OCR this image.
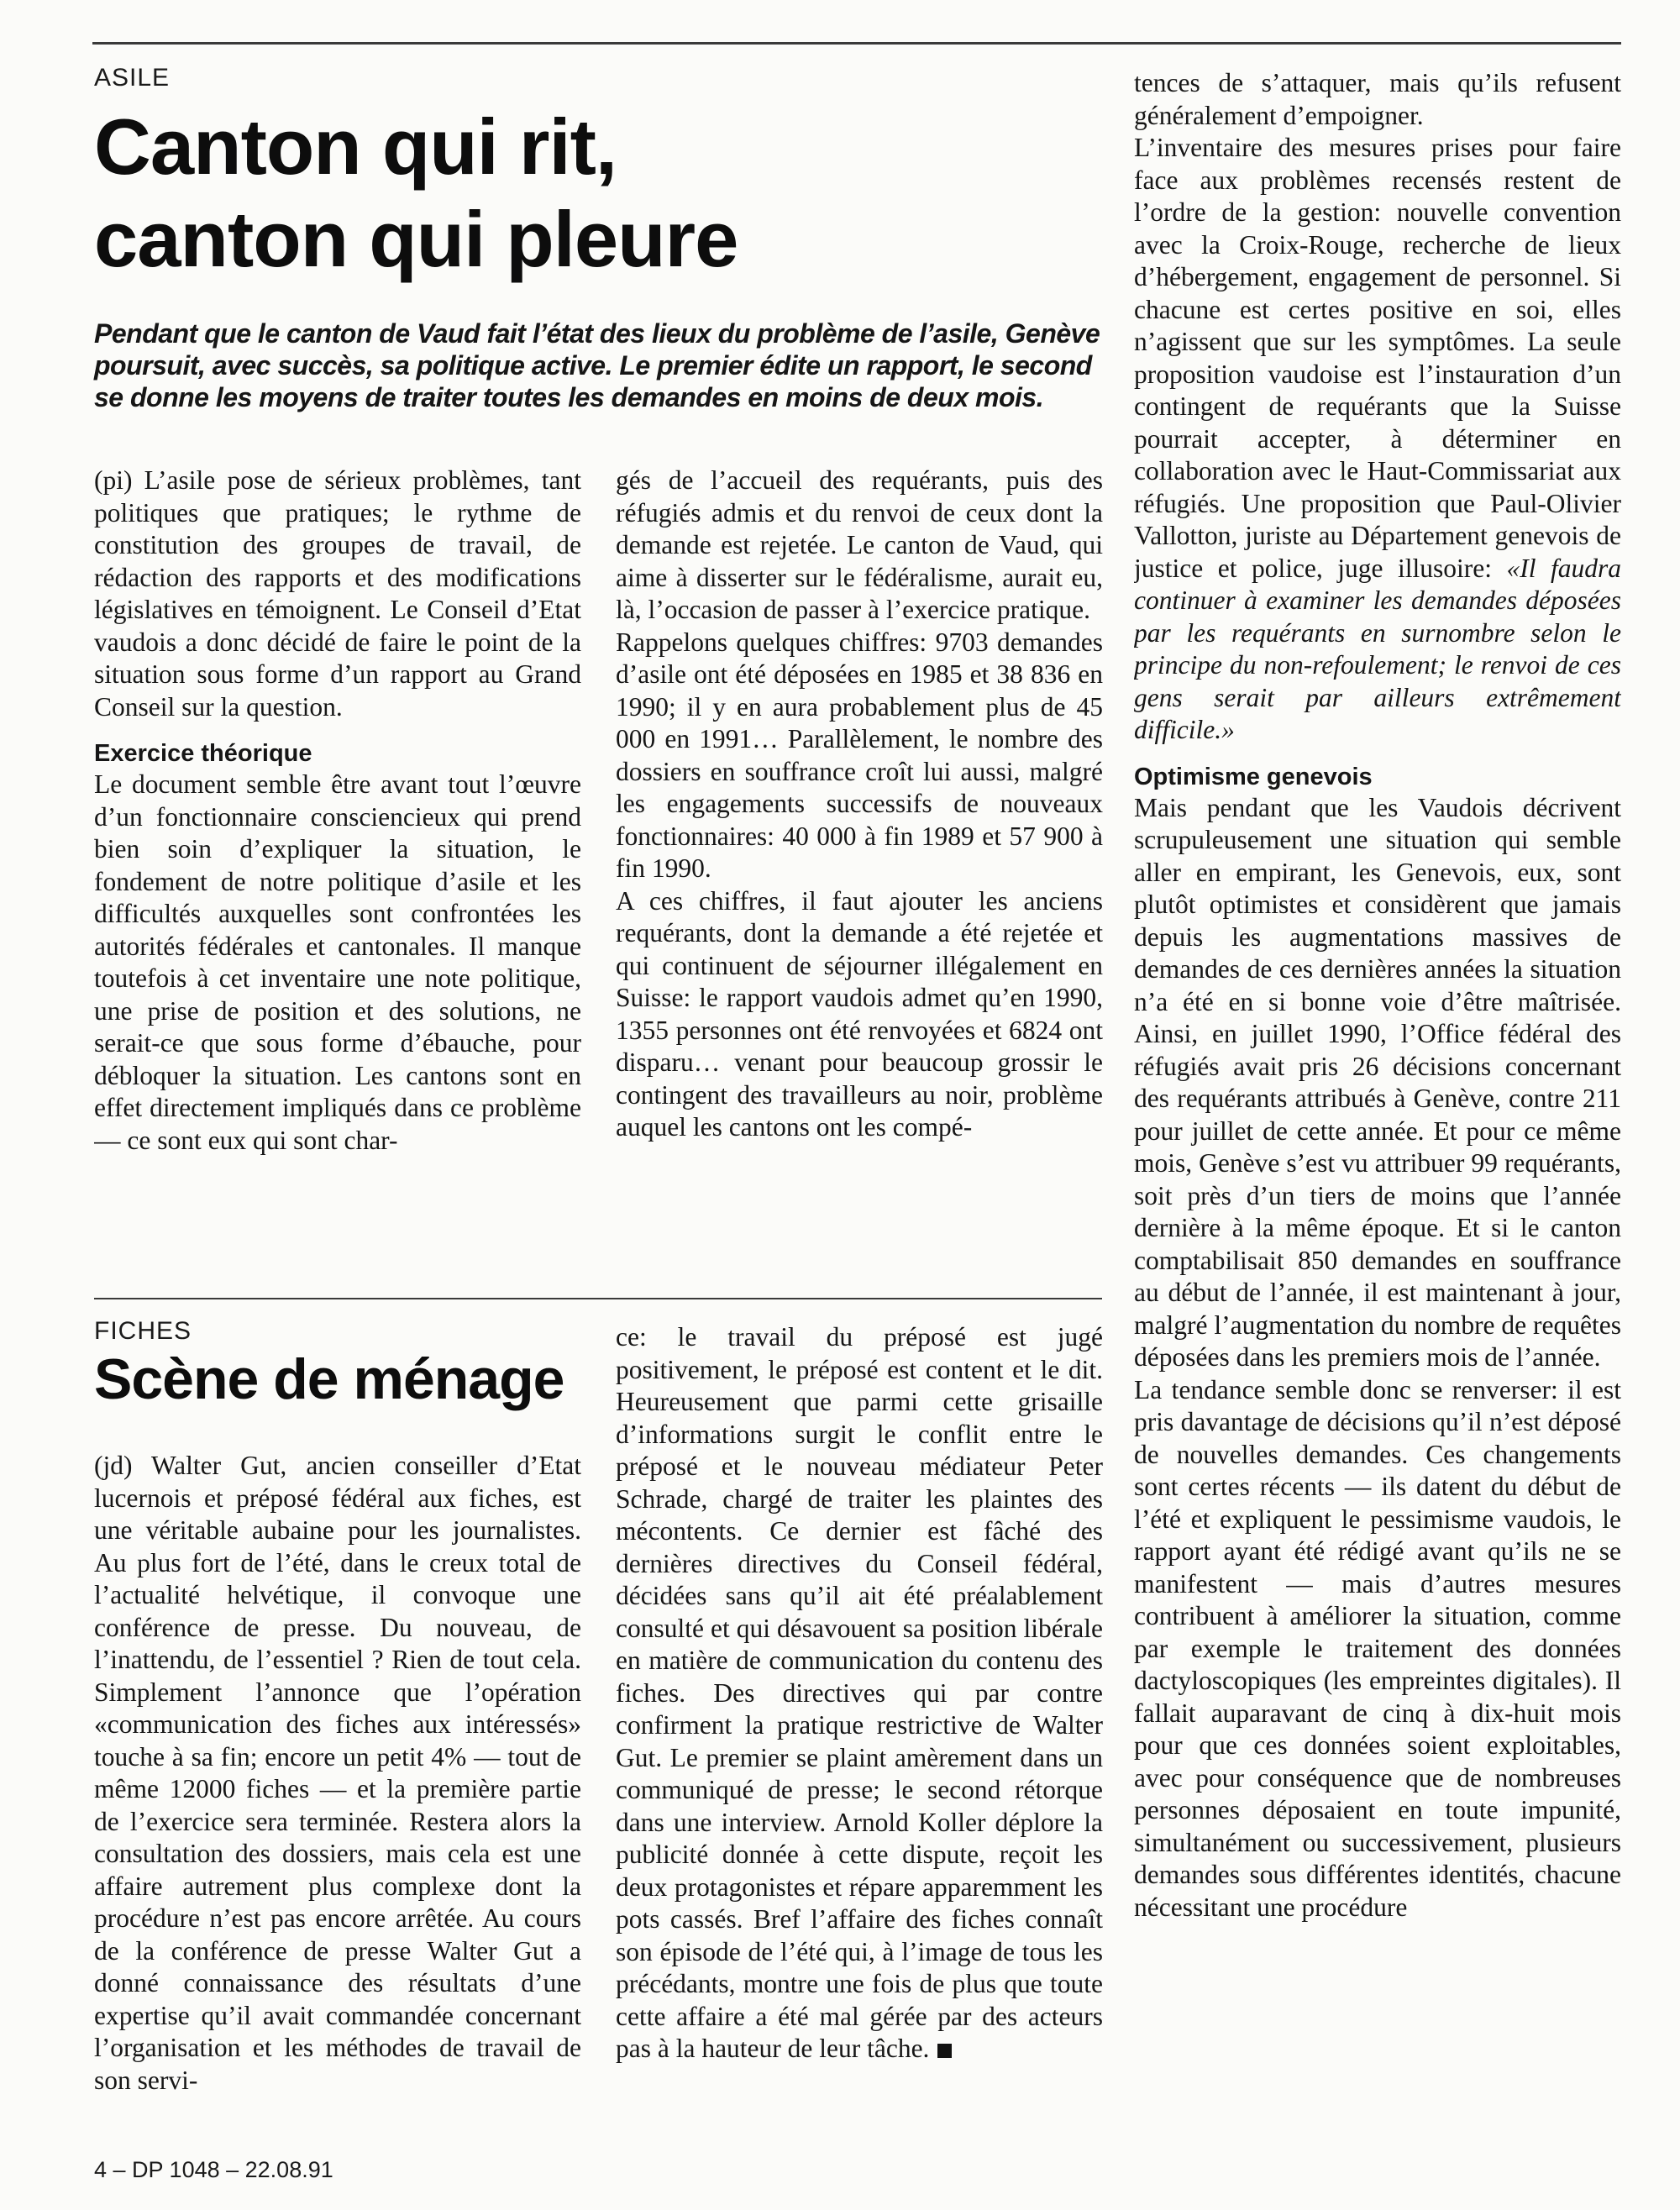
ASILE
Canton qui rit,
canton qui pleure

Pendant que le canton de Vaud fait l’état des lieux du problème de l’asile, Genève poursuit, avec succès, sa politique active. Le premier édite un rapport, le second se donne les moyens de traiter toutes les demandes en moins de deux mois.

(pi) L’asile pose de sérieux problèmes, tant politiques que pratiques; le rythme de constitution des groupes de travail, de rédaction des rapports et des modifications législatives en témoignent. Le Conseil d’Etat vaudois a donc décidé de faire le point de la situation sous forme d’un rapport au Grand Conseil sur la question.

Exercice théorique

Le document semble être avant tout l’œuvre d’un fonctionnaire consciencieux qui prend bien soin d’expliquer la situation, le fondement de notre politique d’asile et les difficultés auxquelles sont confrontées les autorités fédérales et cantonales. Il manque toutefois à cet inventaire une note politique, une prise de position et des solutions, ne serait-ce que sous forme d’ébauche, pour débloquer la situation. Les cantons sont en effet directement impliqués dans ce problème — ce sont eux qui sont char-

gés de l’accueil des requérants, puis des réfugiés admis et du renvoi de ceux dont la demande est rejetée. Le canton de Vaud, qui aime à disserter sur le fédéralisme, aurait eu, là, l’occasion de passer à l’exercice pratique.

Rappelons quelques chiffres: 9703 demandes d’asile ont été déposées en 1985 et 38 836 en 1990; il y en aura probablement plus de 45 000 en 1991… Parallèlement, le nombre des dossiers en souffrance croît lui aussi, malgré les engagements successifs de nouveaux fonctionnaires: 40 000 à fin 1989 et 57 900 à fin 1990.

A ces chiffres, il faut ajouter les anciens requérants, dont la demande a été rejetée et qui continuent de séjourner illégalement en Suisse: le rapport vaudois admet qu’en 1990, 1355 personnes ont été renvoyées et 6824 ont disparu… venant pour beaucoup grossir le contingent des travailleurs au noir, problème auquel les cantons ont les compé-

tences de s’attaquer, mais qu’ils refusent généralement d’empoigner.

L’inventaire des mesures prises pour faire face aux problèmes recensés restent de l’ordre de la gestion: nouvelle convention avec la Croix-Rouge, recherche de lieux d’hébergement, engagement de personnel. Si chacune est certes positive en soi, elles n’agissent que sur les symptômes. La seule proposition vaudoise est l’instauration d’un contingent de requérants que la Suisse pourrait accepter, à déterminer en collaboration avec le Haut-Commissariat aux réfugiés. Une proposition que Paul-Olivier Vallotton, juriste au Département genevois de justice et police, juge illusoire: «Il faudra continuer à examiner les demandes déposées par les requérants en surnombre selon le principe du non-refoulement; le renvoi de ces gens serait par ailleurs extrêmement difficile.»

Optimisme genevois

Mais pendant que les Vaudois décrivent scrupuleusement une situation qui semble aller en empirant, les Genevois, eux, sont plutôt optimistes et considèrent que jamais depuis les augmentations massives de demandes de ces dernières années la situation n’a été en si bonne voie d’être maîtrisée. Ainsi, en juillet 1990, l’Office fédéral des réfugiés avait pris 26 décisions concernant des requérants attribués à Genève, contre 211 pour juillet de cette année. Et pour ce même mois, Genève s’est vu attribuer 99 requérants, soit près d’un tiers de moins que l’année dernière à la même époque. Et si le canton comptabilisait 850 demandes en souffrance au début de l’année, il est maintenant à jour, malgré l’augmentation du nombre de requêtes déposées dans les premiers mois de l’année.

La tendance semble donc se renverser: il est pris davantage de décisions qu’il n’est déposé de nouvelles demandes. Ces changements sont certes récents — ils datent du début de l’été et expliquent le pessimisme vaudois, le rapport ayant été rédigé avant qu’ils ne se manifestent — mais d’autres mesures contribuent à améliorer la situation, comme par exemple le traitement des données dactyloscopiques (les empreintes digitales). Il fallait auparavant de cinq à dix-huit mois pour que ces données soient exploitables, avec pour conséquence que de nombreuses personnes déposaient en toute impunité, simultanément ou successivement, plusieurs demandes sous différentes identités, chacune nécessitant une procédure

FICHES
Scène de ménage

(jd) Walter Gut, ancien conseiller d’Etat lucernois et préposé fédéral aux fiches, est une véritable aubaine pour les journalistes. Au plus fort de l’été, dans le creux total de l’actualité helvétique, il convoque une conférence de presse. Du nouveau, de l’inattendu, de l’essentiel ? Rien de tout cela. Simplement l’annonce que l’opération «communication des fiches aux intéressés» touche à sa fin; encore un petit 4% — tout de même 12000 fiches — et la première partie de l’exercice sera terminée. Restera alors la consultation des dossiers, mais cela est une affaire autrement plus complexe dont la procédure n’est pas encore arrêtée. Au cours de la conférence de presse Walter Gut a donné connaissance des résultats d’une expertise qu’il avait commandée concernant l’organisation et les méthodes de travail de son servi-

ce: le travail du préposé est jugé positivement, le préposé est content et le dit. Heureusement que parmi cette grisaille d’informations surgit le conflit entre le préposé et le nouveau médiateur Peter Schrade, chargé de traiter les plaintes des mécontents. Ce dernier est fâché des dernières directives du Conseil fédéral, décidées sans qu’il ait été préalablement consulté et qui désavouent sa position libérale en matière de communication du contenu des fiches. Des directives qui par contre confirment la pratique restrictive de Walter Gut. Le premier se plaint amèrement dans un communiqué de presse; le second rétorque dans une interview. Arnold Koller déplore la publicité donnée à cette dispute, reçoit les deux protagonistes et répare apparemment les pots cassés. Bref l’affaire des fiches connaît son épisode de l’été qui, à l’image de tous les précédants, montre une fois de plus que toute cette affaire a été mal gérée par des acteurs pas à la hauteur de leur tâche.

4 – DP 1048 – 22.08.91
